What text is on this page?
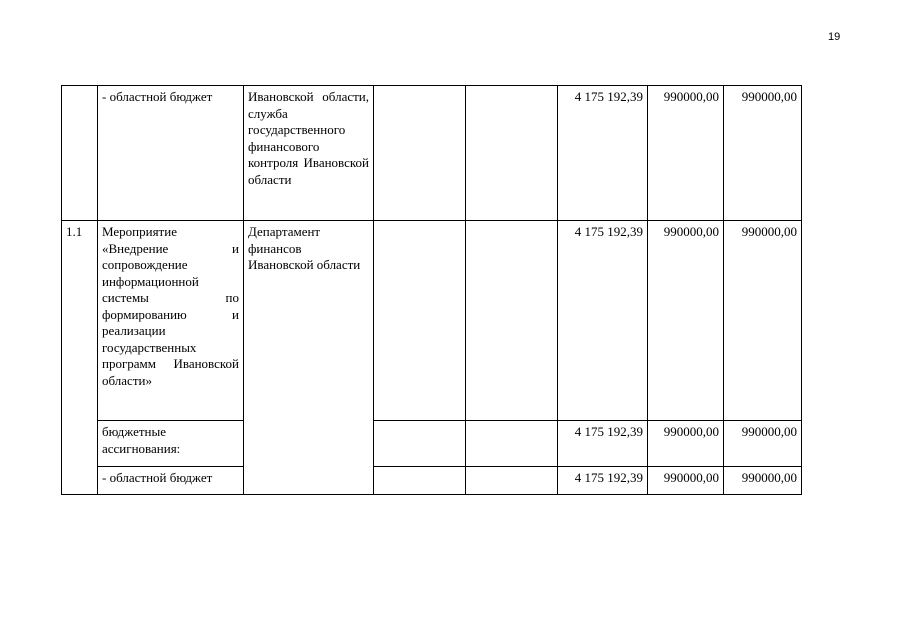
19
	- областной бюджет	Ивановской области, служба государственного финансового контроля Ивановской области			4 175 192,39	990000,00	990000,00
1.1	Мероприятие «Внедрение и сопровождение информационной системы по формированию и реализации государственных программ Ивановской области»	Департамент финансов Ивановской области			4 175 192,39	990000,00	990000,00
	бюджетные ассигнования:				4 175 192,39	990000,00	990000,00
	- областной бюджет				4 175 192,39	990000,00	990000,00
